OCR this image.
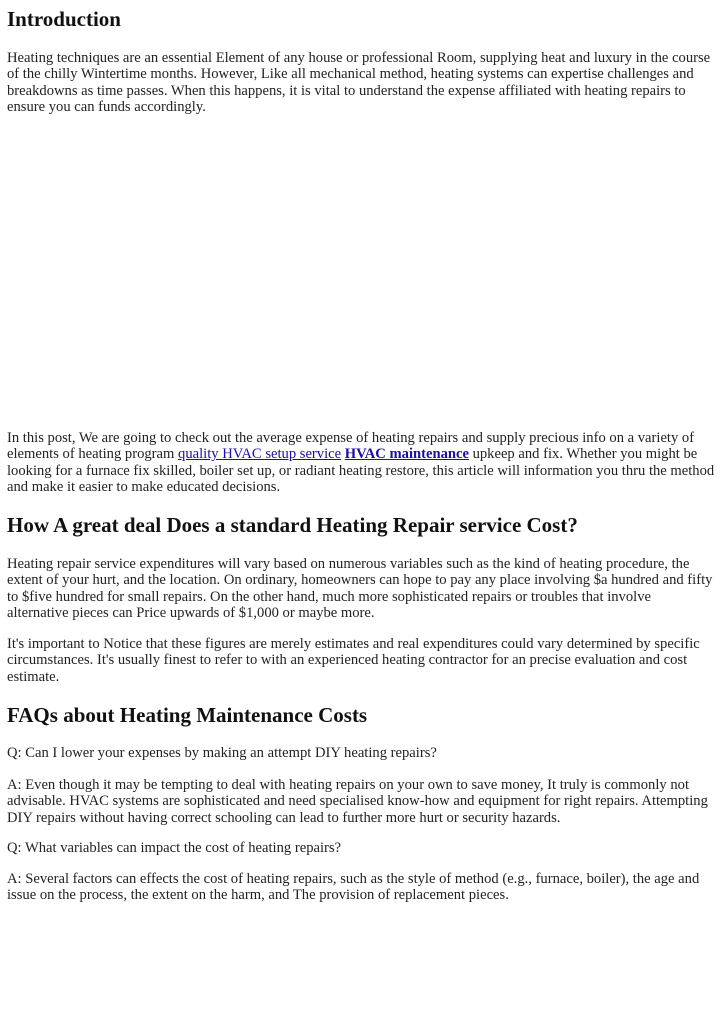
Introduction

Heating techniques are an essential Element of any house or professional Room, supplying heat and luxury in the course of the chilly Wintertime months. However, Like all mechanical method, heating systems can expertise challenges and breakdowns as time passes. When this happens, it is vital to understand the expense affiliated with heating repairs to ensure you can funds accordingly.

In this post, We are going to check out the average expense of heating repairs and supply precious info on a variety of elements of heating program quality HVAC setup service HVAC maintenance upkeep and fix. Whether you might be looking for a furnace fix skilled, boiler set up, or radiant heating restore, this article will information you thru the method and make it easier to make educated decisions.

How A great deal Does a standard Heating Repair service Cost?

Heating repair service expenditures will vary based on numerous variables such as the kind of heating procedure, the extent of your hurt, and the location. On ordinary, homeowners can hope to pay any place involving $a hundred and fifty to $five hundred for small repairs. On the other hand, much more sophisticated repairs or troubles that involve alternative pieces can Price upwards of $1,000 or maybe more.

It's important to Notice that these figures are merely estimates and real expenditures could vary determined by specific circumstances. It's usually finest to refer to with an experienced heating contractor for an precise evaluation and cost estimate.

FAQs about Heating Maintenance Costs

Q: Can I lower your expenses by making an attempt DIY heating repairs?

A: Even though it may be tempting to deal with heating repairs on your own to save money, It truly is commonly not advisable. HVAC systems are sophisticated and need specialised know-how and equipment for right repairs. Attempting DIY repairs without having correct schooling can lead to further more hurt or security hazards.

Q: What variables can impact the cost of heating repairs?

A: Several factors can effects the cost of heating repairs, such as the style of method (e.g., furnace, boiler), the age and issue on the process, the extent on the harm, and The provision of replacement pieces.
